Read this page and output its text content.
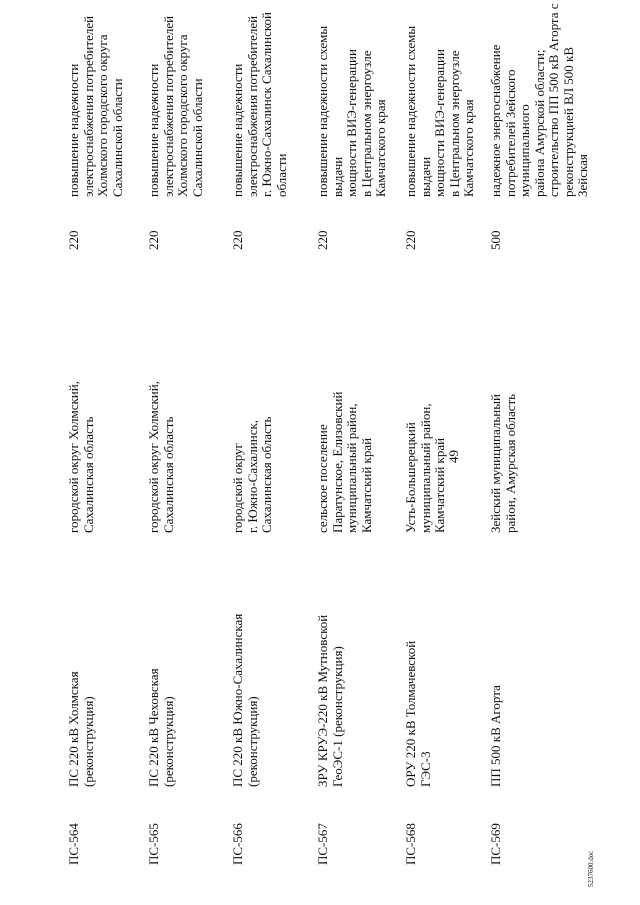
49
ПС-564
ПС 220 кВ Холмская
(реконструкция)
городской округ Холмский,
Сахалинская область
220
повышение надежности
электроснабжения потребителей
Холмского городского округа
Сахалинской области
ПС-565
ПС 220 кВ Чеховская
(реконструкция)
городской округ Холмский,
Сахалинская область
220
повышение надежности
электроснабжения потребителей
Холмского городского округа
Сахалинской области
ПС-566
ПС 220 кВ Южно-Сахалинская
(реконструкция)
городской округ
г. Южно-Сахалинск,
Сахалинская область
220
повышение надежности
электроснабжения потребителей
г. Южно-Сахалинск Сахалинской
области
ПС-567
ЗРУ КРУЭ-220 кВ Мутновской
ГеоЭС-1 (реконструкция)
сельское поселение
Паратунское, Елизовский
муниципальный район,
Камчатский край
220
повышение надежности схемы выдачи
мощности ВИЭ-генерации
в Центральном энергоузле
Камчатского края
ПС-568
ОРУ 220 кВ Толмачевской
ГЭС-3
Усть-Большерецкий
муниципальный район,
Камчатский край
220
повышение надежности схемы выдачи
мощности ВИЭ-генерации
в Центральном энергоузле
Камчатского края
ПС-569
ПП 500 кВ Агорта
Зейский муниципальный
район, Амурская область
500
надежное энергоснабжение
потребителей Зейского муниципального
района Амурской области;
строительство ПП 500 кВ Агорта с
реконструкцией ВЛ 500 кВ Зейская
5237600.doc
